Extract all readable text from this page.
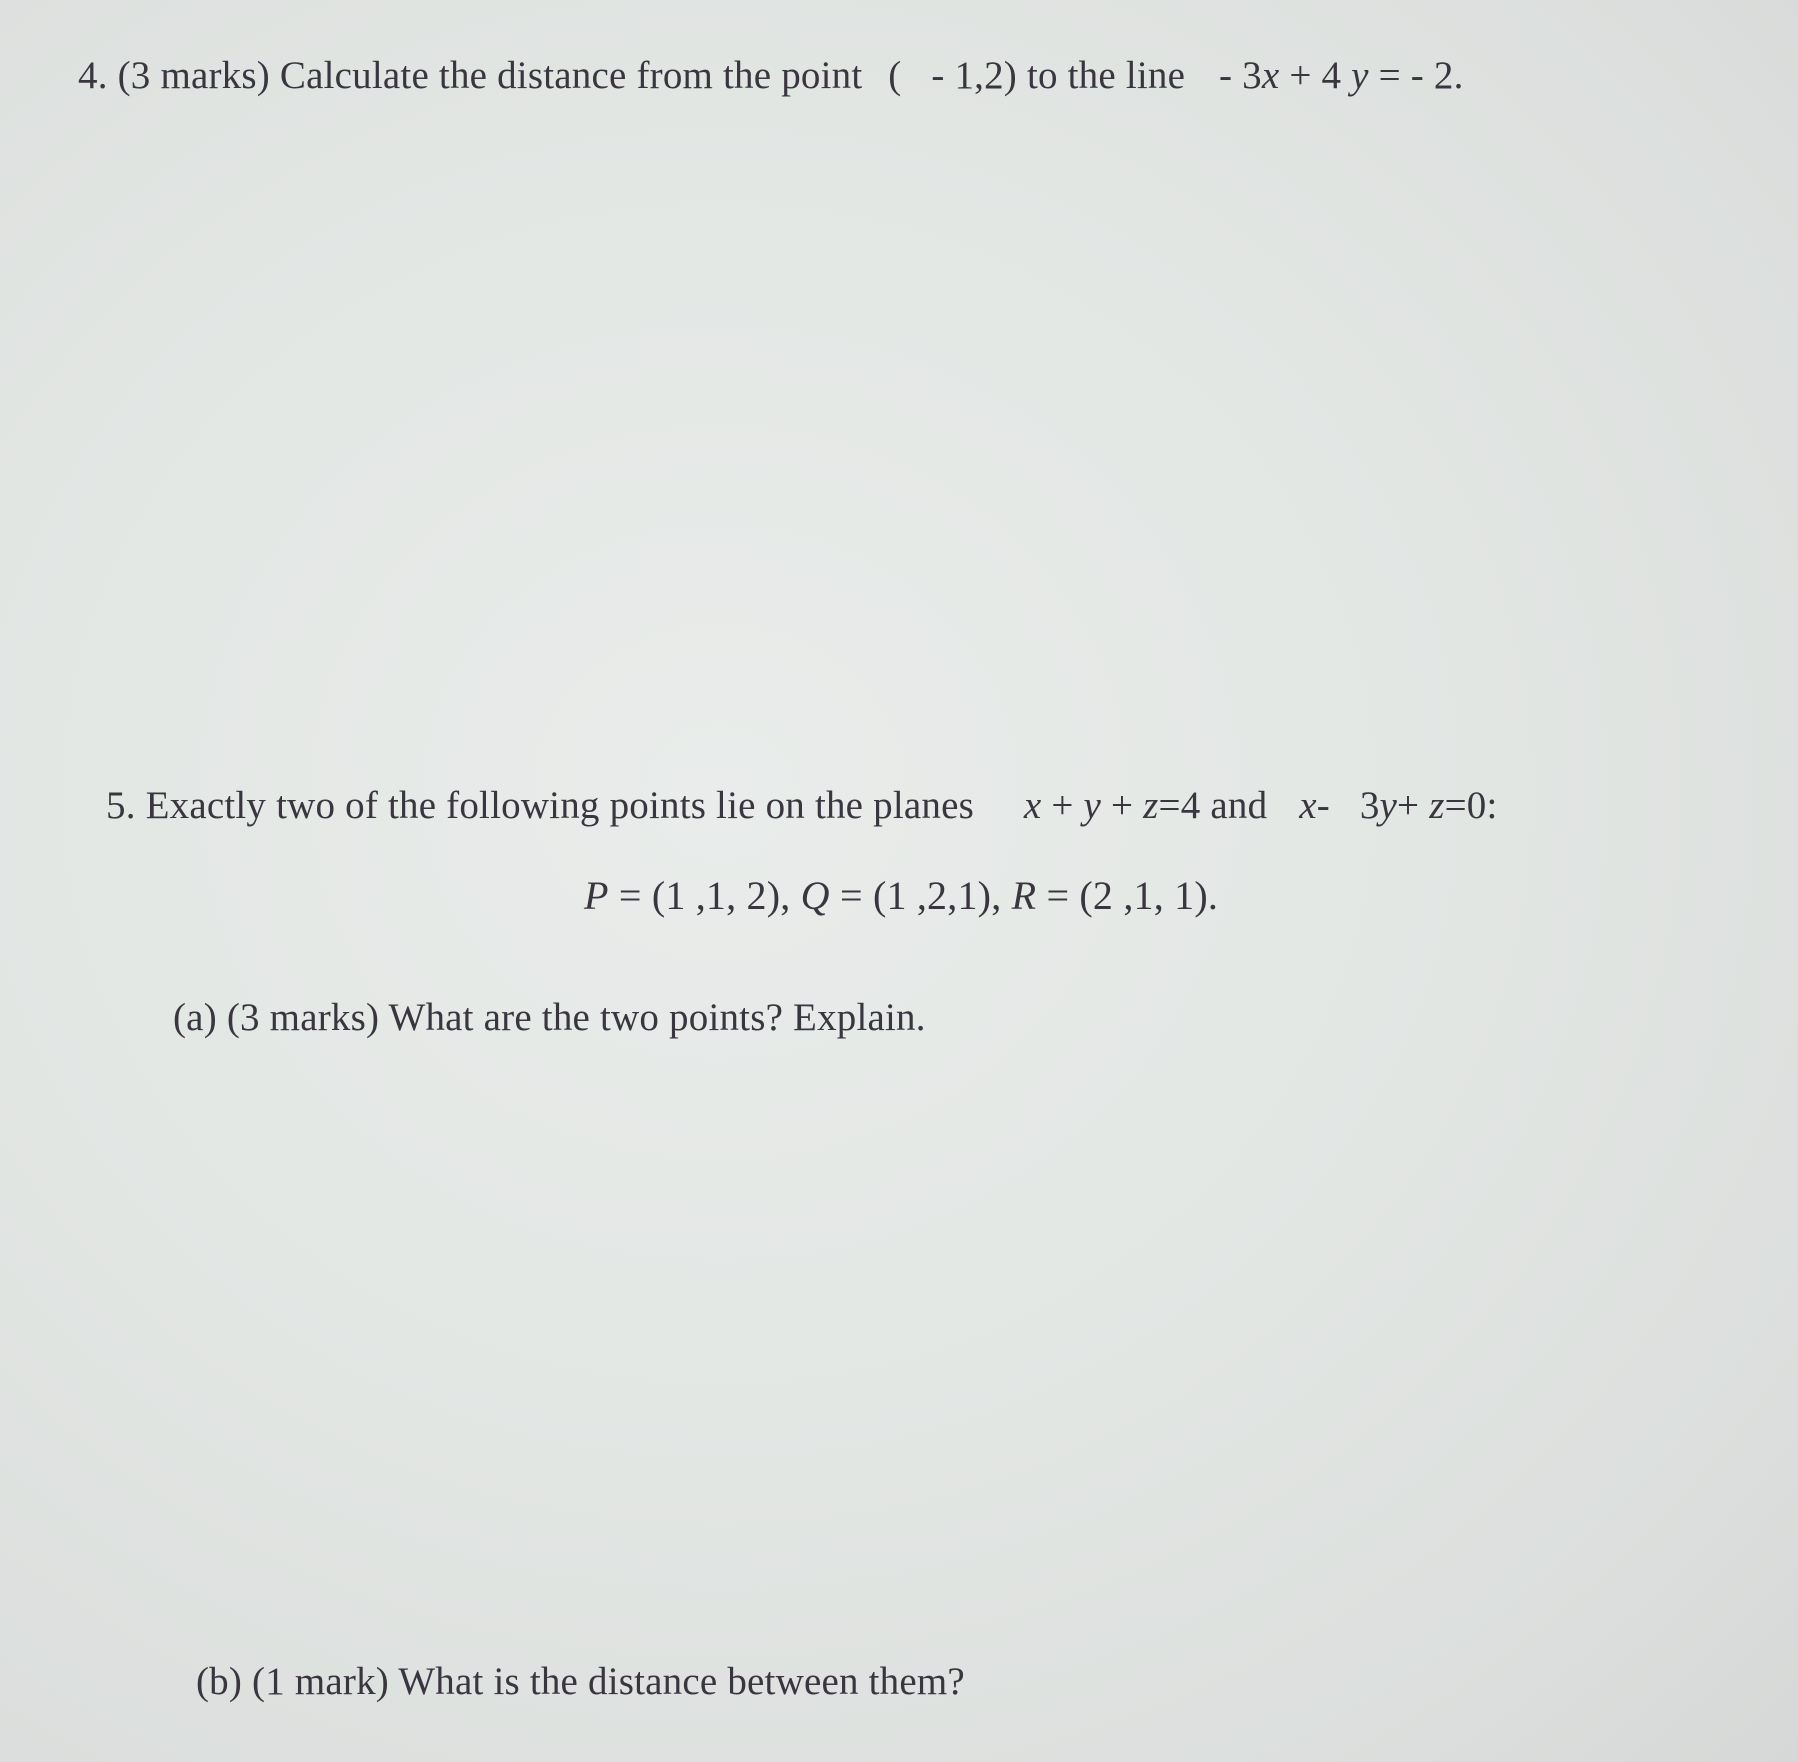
4. (3 marks) Calculate the distance from the point (   - 1,2) to the line - 3x + 4 y = - 2.
5. Exactly two of the following points lie on the planes x + y + z=4 and x- 3y+ z=0:
P = (1 ,1, 2), Q = (1 ,2,1), R = (2 ,1, 1).
(a) (3 marks) What are the two points? Explain.
(b) (1 mark) What is the distance between them?
